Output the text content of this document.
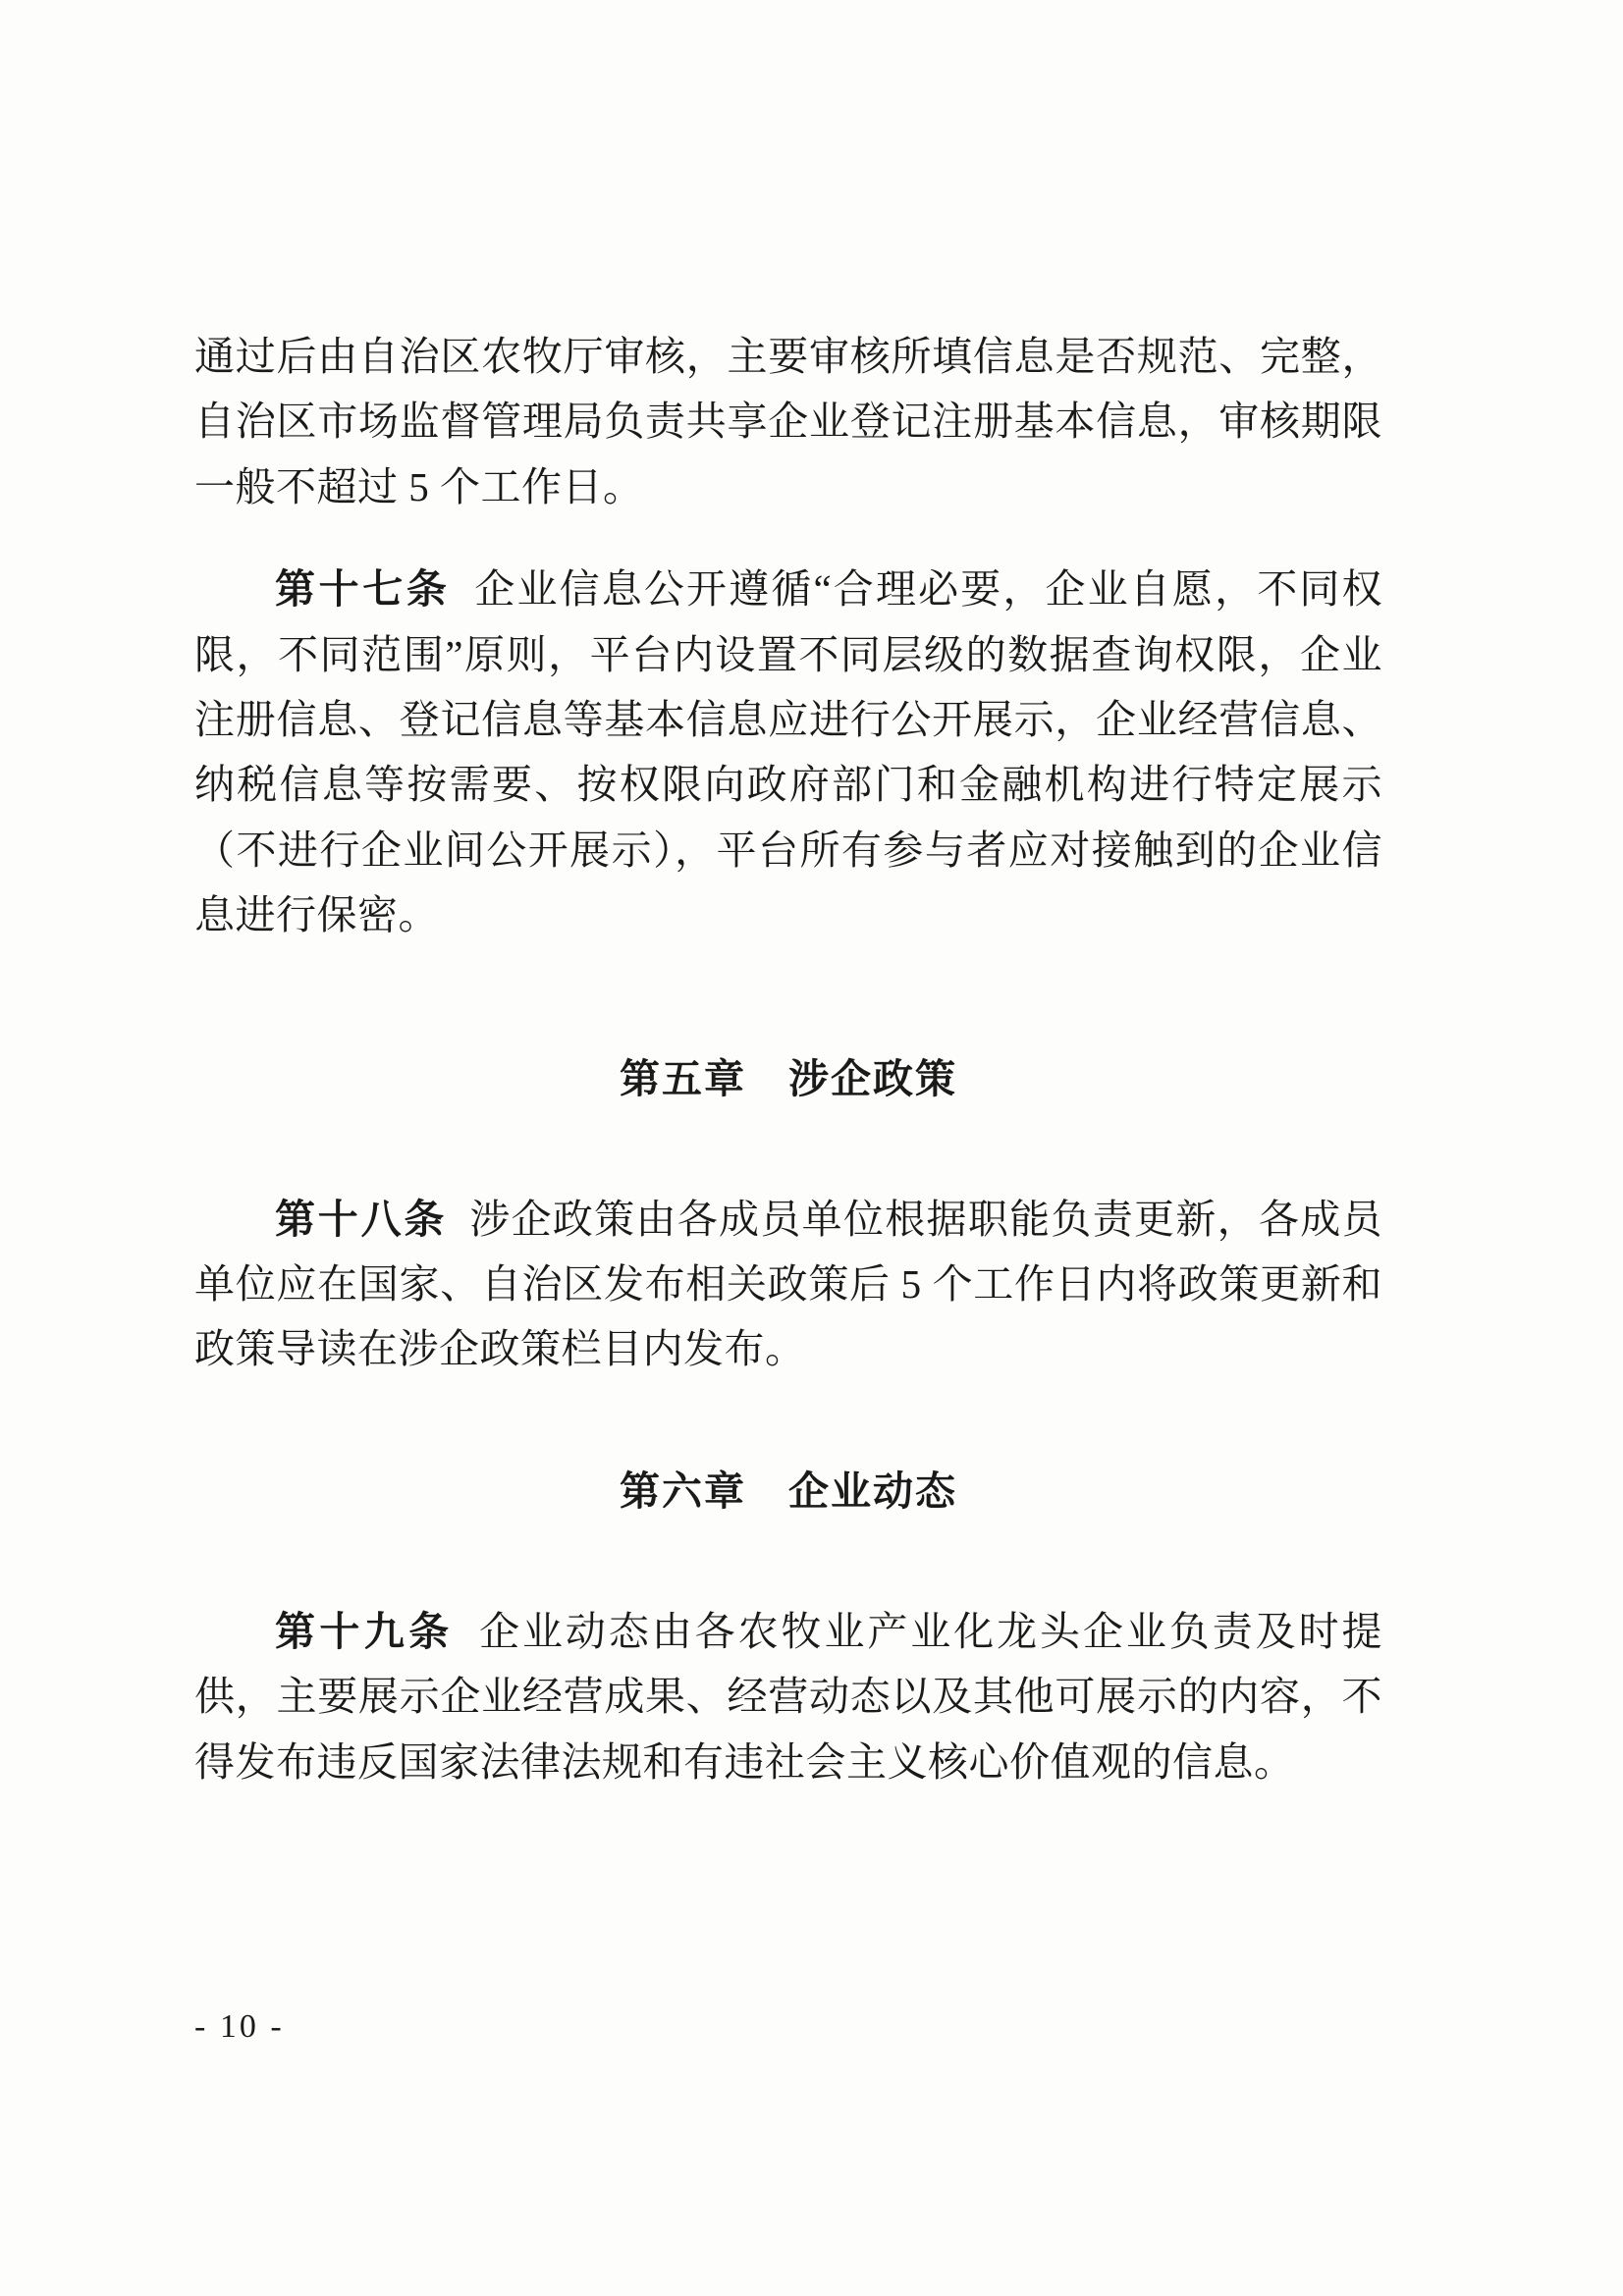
通过后由自治区农牧厅审核，主要审核所填信息是否规范、完整，自治区市场监督管理局负责共享企业登记注册基本信息，审核期限一般不超过 5 个工作日。

第十七条 企业信息公开遵循“合理必要，企业自愿，不同权限，不同范围”原则，平台内设置不同层级的数据查询权限，企业注册信息、登记信息等基本信息应进行公开展示，企业经营信息、纳税信息等按需要、按权限向政府部门和金融机构进行特定展示（不进行企业间公开展示），平台所有参与者应对接触到的企业信息进行保密。

第五章　涉企政策

第十八条 涉企政策由各成员单位根据职能负责更新，各成员单位应在国家、自治区发布相关政策后 5 个工作日内将政策更新和政策导读在涉企政策栏目内发布。

第六章　企业动态

第十九条 企业动态由各农牧业产业化龙头企业负责及时提供，主要展示企业经营成果、经营动态以及其他可展示的内容，不得发布违反国家法律法规和有违社会主义核心价值观的信息。

- 10 -
